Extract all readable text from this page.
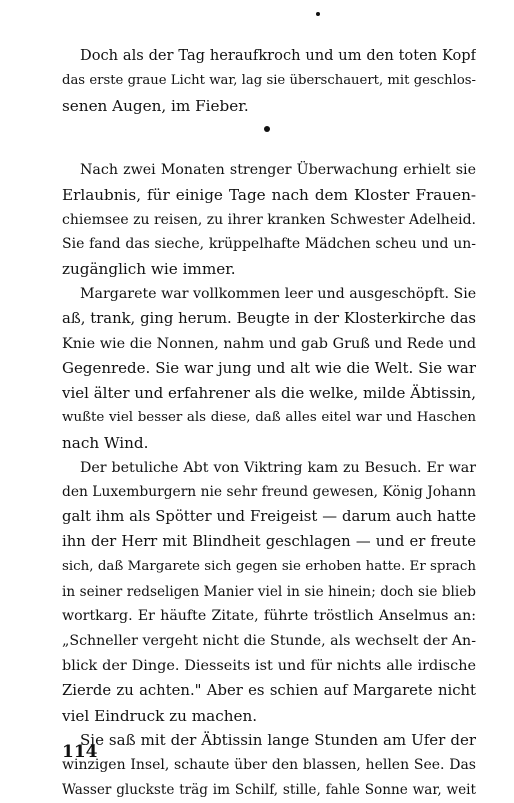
Doch als der Tag heraufkroch und um den toten Kopf
das erste graue Licht war, lag sie überschauert, mit geschlos-
senen Augen, im Fieber.
Nach zwei Monaten strenger Überwachung erhielt sie
Erlaubnis, für einige Tage nach dem Kloster Frauen-
chiemsee zu reisen, zu ihrer kranken Schwester Adelheid.
Sie fand das sieche, krüppelhafte Mädchen scheu und un-
zugänglich wie immer.
Margarete war vollkommen leer und ausgeschöpft. Sie
aß, trank, ging herum. Beugte in der Klosterkirche das
Knie wie die Nonnen, nahm und gab Gruß und Rede und
Gegenrede. Sie war jung und alt wie die Welt. Sie war
viel älter und erfahrener als die welke, milde Äbtissin,
wußte viel besser als diese, daß alles eitel war und Haschen
nach Wind.
Der betuliche Abt von Viktring kam zu Besuch. Er war
den Luxemburgern nie sehr freund gewesen, König Johann
galt ihm als Spötter und Freigeist — darum auch hatte
ihn der Herr mit Blindheit geschlagen — und er freute
sich, daß Margarete sich gegen sie erhoben hatte. Er sprach
in seiner redseligen Manier viel in sie hinein; doch sie blieb
wortkarg. Er häufte Zitate, führte tröstlich Anselmus an:
„Schneller vergeht nicht die Stunde, als wechselt der An-
blick der Dinge. Diesseits ist und für nichts alle irdische
Zierde zu achten." Aber es schien auf Margarete nicht
viel Eindruck zu machen.
Sie saß mit der Äbtissin lange Stunden am Ufer der
winzigen Insel, schaute über den blassen, hellen See. Das
Wasser gluckste träg im Schilf, stille, fahle Sonne war, weit
114
